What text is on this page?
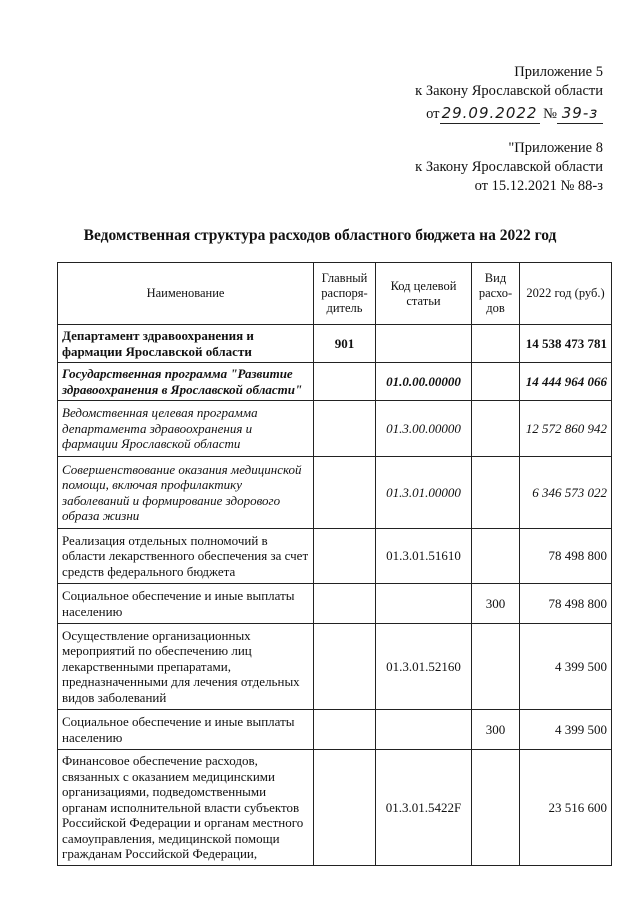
Приложение 5
к Закону Ярославской области
от 29.09.2022 № 39-з
"Приложение 8
к Закону Ярославской области
от 15.12.2021 № 88-з
Ведомственная структура расходов областного бюджета на 2022 год
Наименование	Главный распоря-дитель	Код целевой статьи	Вид расхо-дов	2022 год (руб.)
Департамент здравоохранения и фармации Ярославской области	901			14 538 473 781
Государственная программа "Развитие здравоохранения в Ярославской области"		01.0.00.00000		14 444 964 066
Ведомственная целевая программа департамента здравоохранения и фармации Ярославской области		01.3.00.00000		12 572 860 942
Совершенствование оказания медицинской помощи, включая профилактику заболеваний и формирование здорового образа жизни		01.3.01.00000		6 346 573 022
Реализация отдельных полномочий в области лекарственного обеспечения за счет средств федерального бюджета		01.3.01.51610		78 498 800
Социальное обеспечение и иные выплаты населению			300	78 498 800
Осуществление организационных мероприятий по обеспечению лиц лекарственными препаратами, предназначенными для лечения отдельных видов заболеваний		01.3.01.52160		4 399 500
Социальное обеспечение и иные выплаты населению			300	4 399 500
Финансовое обеспечение расходов, связанных с оказанием медицинскими организациями, подведомственными органам исполнительной власти субъектов Российской Федерации и органам местного самоуправления, медицинской помощи гражданам Российской Федерации,		01.3.01.5422F		23 516 600
